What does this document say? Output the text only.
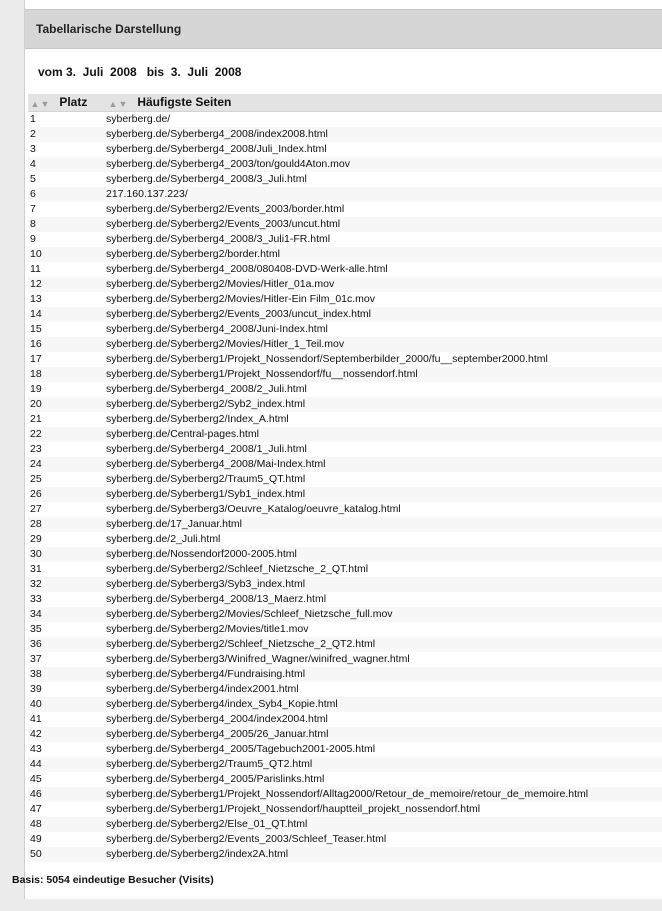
Tabellarische Darstellung
vom 3.  Juli  2008   bis  3.  Juli  2008
▲▼ Platz	▲▼ Häufigste Seiten
1	syberberg.de/
2	syberberg.de/Syberberg4_2008/index2008.html
3	syberberg.de/Syberberg4_2008/Juli_Index.html
4	syberberg.de/Syberberg4_2003/ton/gould4Aton.mov
5	syberberg.de/Syberberg4_2008/3_Juli.html
6	217.160.137.223/
7	syberberg.de/Syberberg2/Events_2003/border.html
8	syberberg.de/Syberberg2/Events_2003/uncut.html
9	syberberg.de/Syberberg4_2008/3_Juli1-FR.html
10	syberberg.de/Syberberg2/border.html
11	syberberg.de/Syberberg4_2008/080408-DVD-Werk-alle.html
12	syberberg.de/Syberberg2/Movies/Hitler_01a.mov
13	syberberg.de/Syberberg2/Movies/Hitler-Ein Film_01c.mov
14	syberberg.de/Syberberg2/Events_2003/uncut_index.html
15	syberberg.de/Syberberg4_2008/Juni-Index.html
16	syberberg.de/Syberberg2/Movies/Hitler_1_Teil.mov
17	syberberg.de/Syberberg1/Projekt_Nossendorf/Septemberbilder_2000/fu__september2000.html
18	syberberg.de/Syberberg1/Projekt_Nossendorf/fu__nossendorf.html
19	syberberg.de/Syberberg4_2008/2_Juli.html
20	syberberg.de/Syberberg2/Syb2_index.html
21	syberberg.de/Syberberg2/Index_A.html
22	syberberg.de/Central-pages.html
23	syberberg.de/Syberberg4_2008/1_Juli.html
24	syberberg.de/Syberberg4_2008/Mai-Index.html
25	syberberg.de/Syberberg2/Traum5_QT.html
26	syberberg.de/Syberberg1/Syb1_index.html
27	syberberg.de/Syberberg3/Oeuvre_Katalog/oeuvre_katalog.html
28	syberberg.de/17_Januar.html
29	syberberg.de/2_Juli.html
30	syberberg.de/Nossendorf2000-2005.html
31	syberberg.de/Syberberg2/Schleef_Nietzsche_2_QT.html
32	syberberg.de/Syberberg3/Syb3_index.html
33	syberberg.de/Syberberg4_2008/13_Maerz.html
34	syberberg.de/Syberberg2/Movies/Schleef_Nietzsche_full.mov
35	syberberg.de/Syberberg2/Movies/title1.mov
36	syberberg.de/Syberberg2/Schleef_Nietzsche_2_QT2.html
37	syberberg.de/Syberberg3/Winifred_Wagner/winifred_wagner.html
38	syberberg.de/Syberberg4/Fundraising.html
39	syberberg.de/Syberberg4/index2001.html
40	syberberg.de/Syberberg4/index_Syb4_Kopie.html
41	syberberg.de/Syberberg4_2004/index2004.html
42	syberberg.de/Syberberg4_2005/26_Januar.html
43	syberberg.de/Syberberg4_2005/Tagebuch2001-2005.html
44	syberberg.de/Syberberg2/Traum5_QT2.html
45	syberberg.de/Syberberg4_2005/Parislinks.html
46	syberberg.de/Syberberg1/Projekt_Nossendorf/Alltag2000/Retour_de_memoire/retour_de_memoire.html
47	syberberg.de/Syberberg1/Projekt_Nossendorf/hauptteil_projekt_nossendorf.html
48	syberberg.de/Syberberg2/Else_01_QT.html
49	syberberg.de/Syberberg2/Events_2003/Schleef_Teaser.html
50	syberberg.de/Syberberg2/index2A.html
Basis: 5054 eindeutige Besucher (Visits)
